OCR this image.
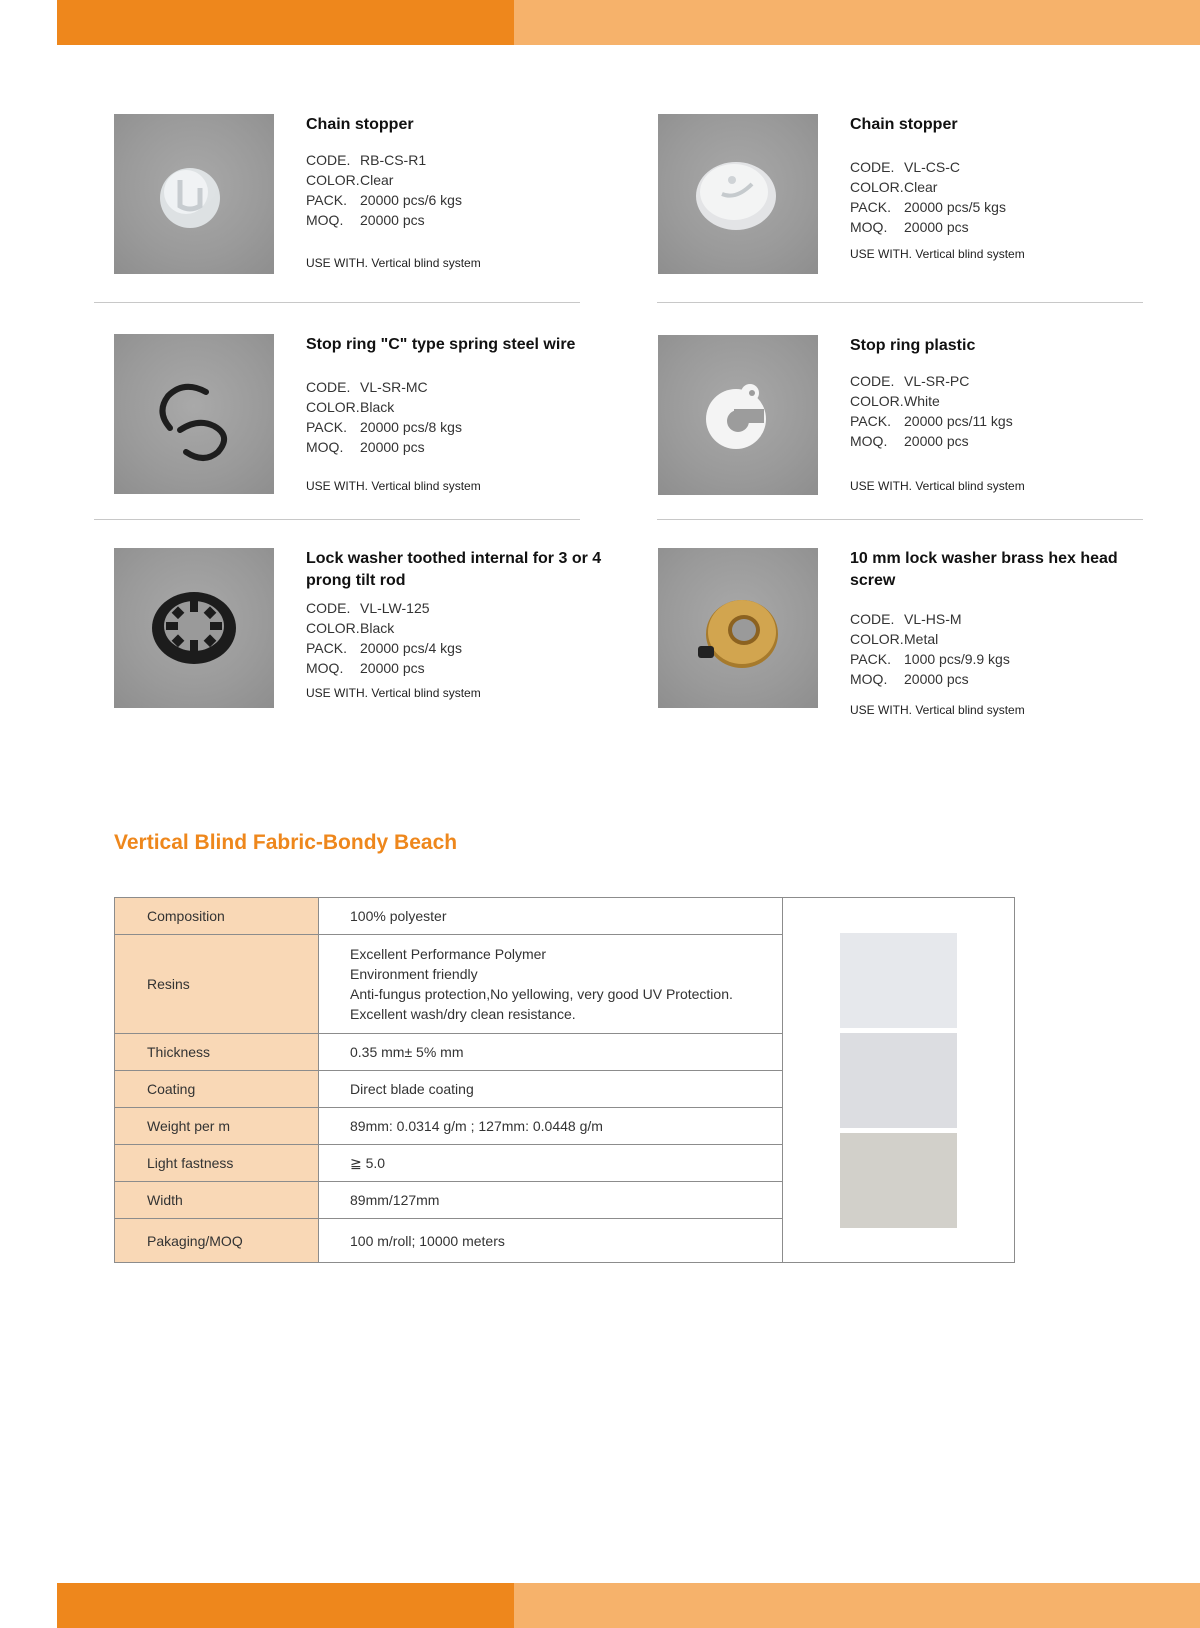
Chain stopper

CODE. RB-CS-R1
COLOR. Clear
PACK. 20000 pcs/6 kgs
MOQ.	20000 pcs
USE WITH. Vertical blind system

Chain stopper

CODE. VL-CS-C
COLOR. Clear
PACK. 20000 pcs/5 kgs
MOQ.	20000 pcs
USE WITH. Vertical blind system

Stop ring "C" type spring steel wire

CODE. VL-SR-MC
COLOR. Black
PACK. 20000 pcs/8 kgs
MOQ.	20000 pcs
USE WITH. Vertical blind system

Stop ring plastic

CODE. VL-SR-PC
COLOR. White
PACK. 20000 pcs/11 kgs
MOQ.	20000 pcs
USE WITH. Vertical blind system

Lock washer toothed internal for 3 or 4 prong tilt rod

CODE. VL-LW-125
COLOR. Black
PACK. 20000 pcs/4 kgs
MOQ.	20000 pcs
USE WITH. Vertical blind system

10 mm lock washer brass hex head screw

CODE. VL-HS-M
COLOR. Metal
PACK. 1000 pcs/9.9 kgs
MOQ.	20000 pcs
USE WITH. Vertical blind system
Vertical Blind Fabric-Bondy Beach
Composition	100% polyester
Resins
Excellent Performance Polymer
Environment friendly
Anti-fungus protection,No yellowing, very good UV Protection.
Excellent wash/dry clean resistance.
Thickness	0.35 mm± 5% mm
Coating	Direct blade coating
Weight per m	89mm: 0.0314 g/m ; 127mm: 0.0448 g/m
Light fastness	≧ 5.0
Width	89mm/127mm
Pakaging/MOQ	100 m/roll; 10000 meters
